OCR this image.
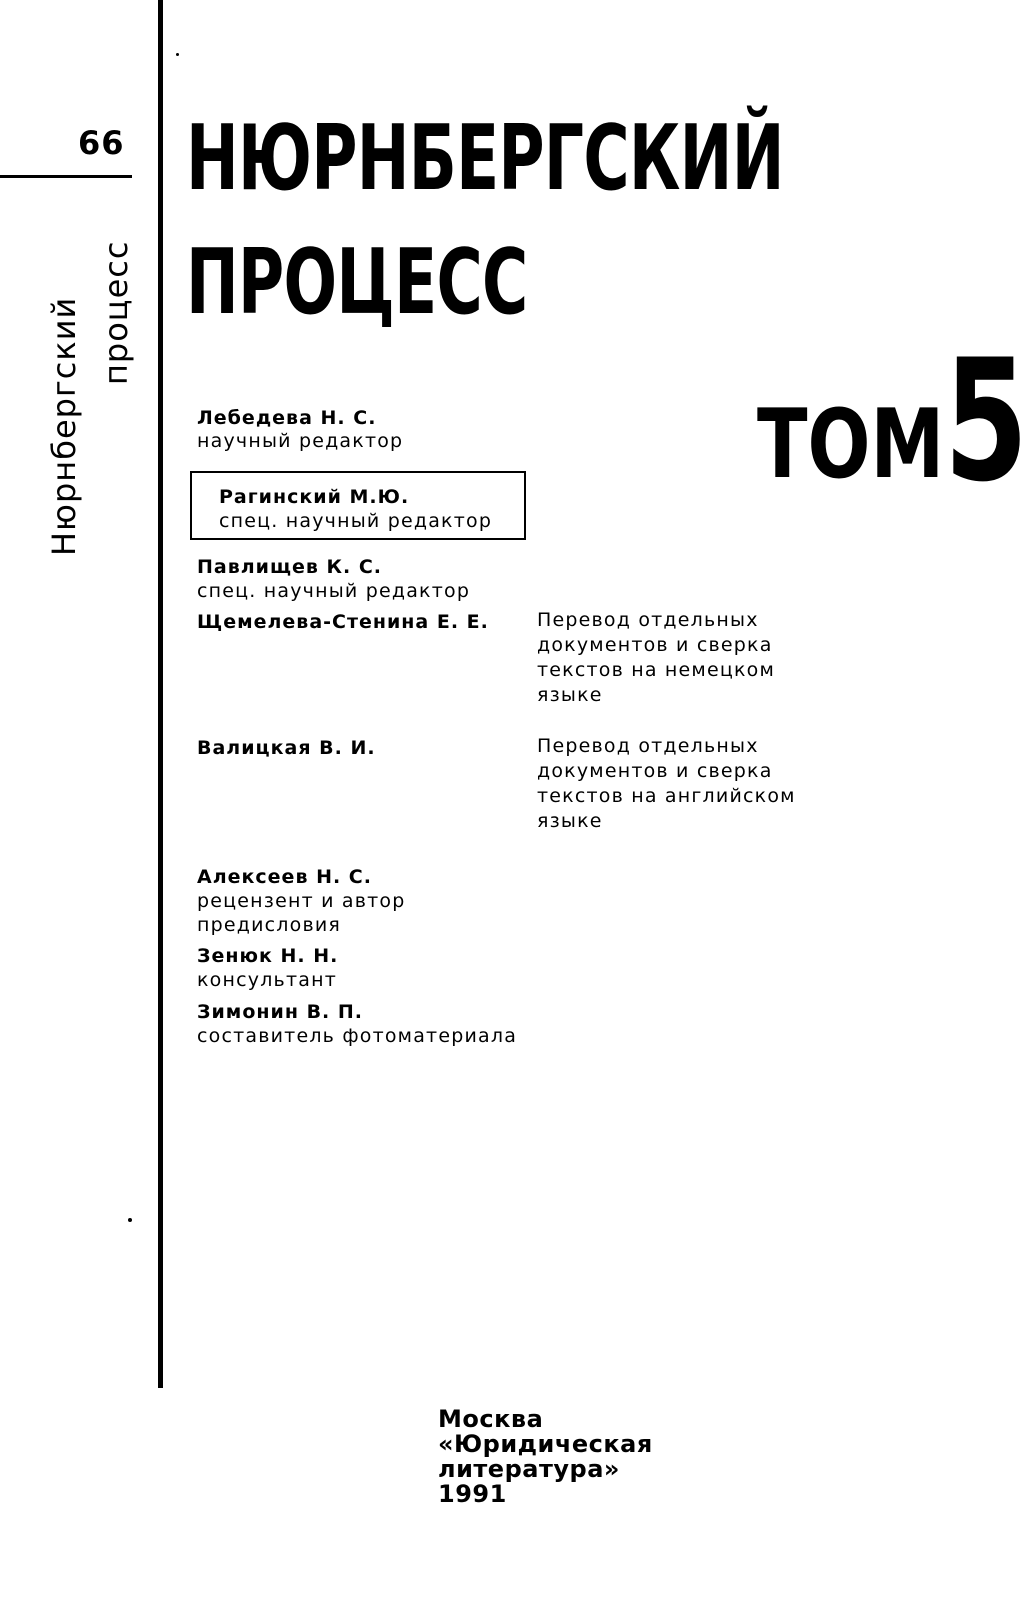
66
Нюрнбергский процесс
НЮРНБЕРГСКИЙ
ПРОЦЕСС
ТОМ 5
Лебедева Н. С.
научный редактор
Рагинский М.Ю.
спец. научный редактор
Павлищев К. С.
спец. научный редактор
Щемелева-Стенина Е. Е.	Перевод отдельных
документов и сверка
текстов на немецком
языке
Валицкая В. И.	Перевод отдельных
документов и сверка
текстов на английском
языке
Алексеев Н. С.
рецензент и автор
предисловия
Зенюк Н. Н.
консультант
Зимонин В. П.
составитель фотоматериала
Москва
«Юридическая
литература»
1991
